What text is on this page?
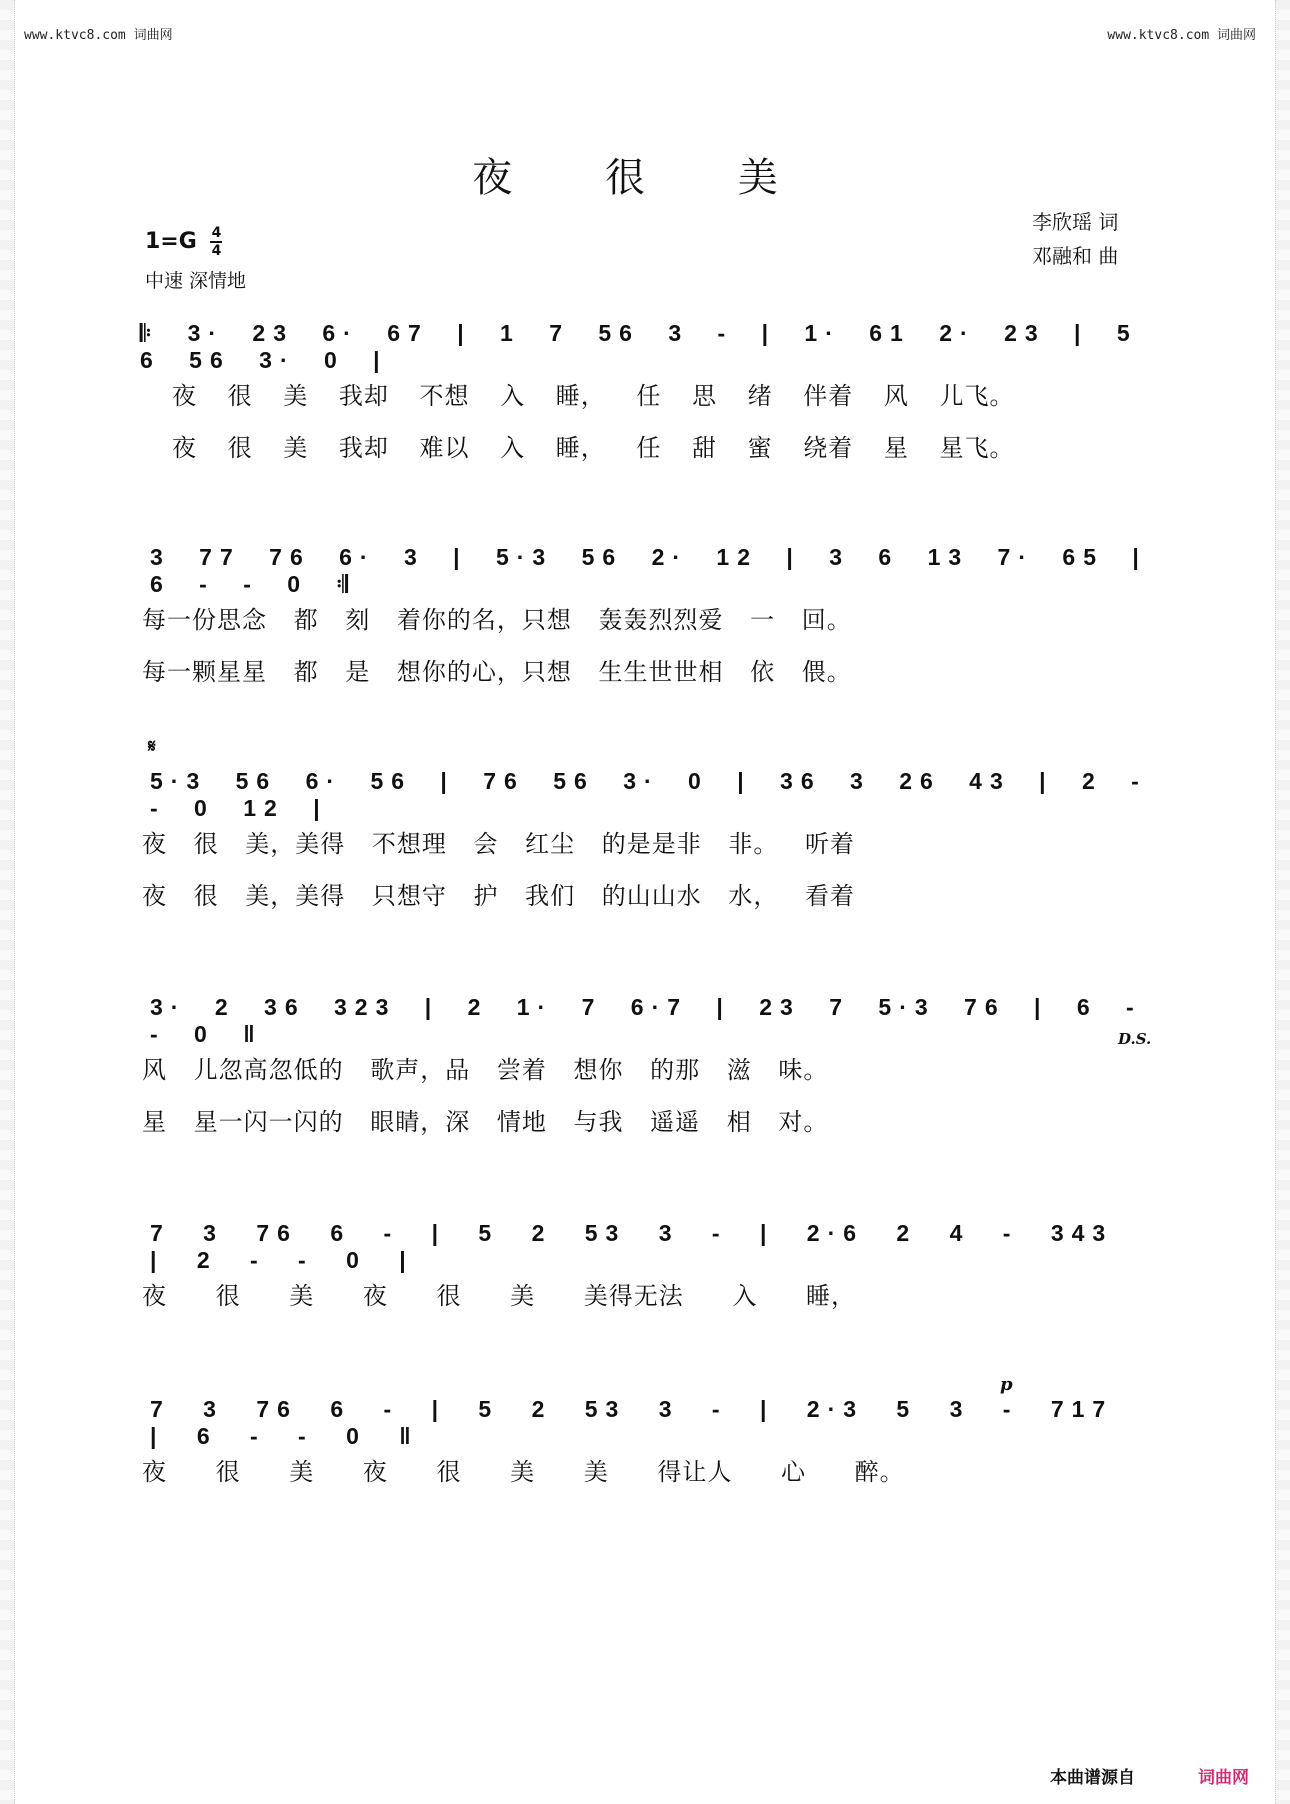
www.ktvc8.com 词曲网	www.ktvc8.com 词曲网
夜 很 美
李欣瑶 词
邓融和 曲
$1=G \frac{4}{4}$
中速 深情地
𝄆 3· 23 6· 67 | 1 7 56 3 - | 1· 61 2· 23 | 5 6 56 3· 0 |
夜 很 美 我却 不想 入 睡， 任 思 绪 伴着 风 儿飞。
夜 很 美 我却 难以 入 睡， 任 甜 蜜 绕着 星 星飞。
3 77 76 6· 3 | 5·3 56 2· 12 | 3 6 13 7· 65 | 6 - - 0 𝄇
每一份思念 都 刻 着你的名，只想 轰轰烈烈爱 一 回。
每一颗星星 都 是 想你的心，只想 生生世世相 依 偎。
𝄋
5·3 56 6· 56 | 76 56 3· 0 | 36 3 26 43 | 2 - - 0 12 |
夜 很 美，美得 不想理 会 红尘 的是是非 非。 听着
夜 很 美，美得 只想守 护 我们 的山山水 水， 看着
3· 2 36 323 | 2 1· 7 6·7 | 23 7 5·3 76 | 6 - - 0 ‖	D.S.
风 儿忽高忽低的 歌声，品 尝着 想你 的那 滋 味。
星 星一闪一闪的 眼睛，深 情地 与我 遥遥 相 对。
7 3 76 6 - | 5 2 53 3 - | 2·6 2 4 - 343 | 2 - - 0 |
夜 很 美 夜 很 美 美得无法 入 睡，
p
7 3 76 6 - | 5 2 53 3 - | 2·3 5 3 - 717 | 6 - - 0 ‖
夜 很 美 夜 很 美 美 得让人 心 醉。
本曲谱源自	词曲网
